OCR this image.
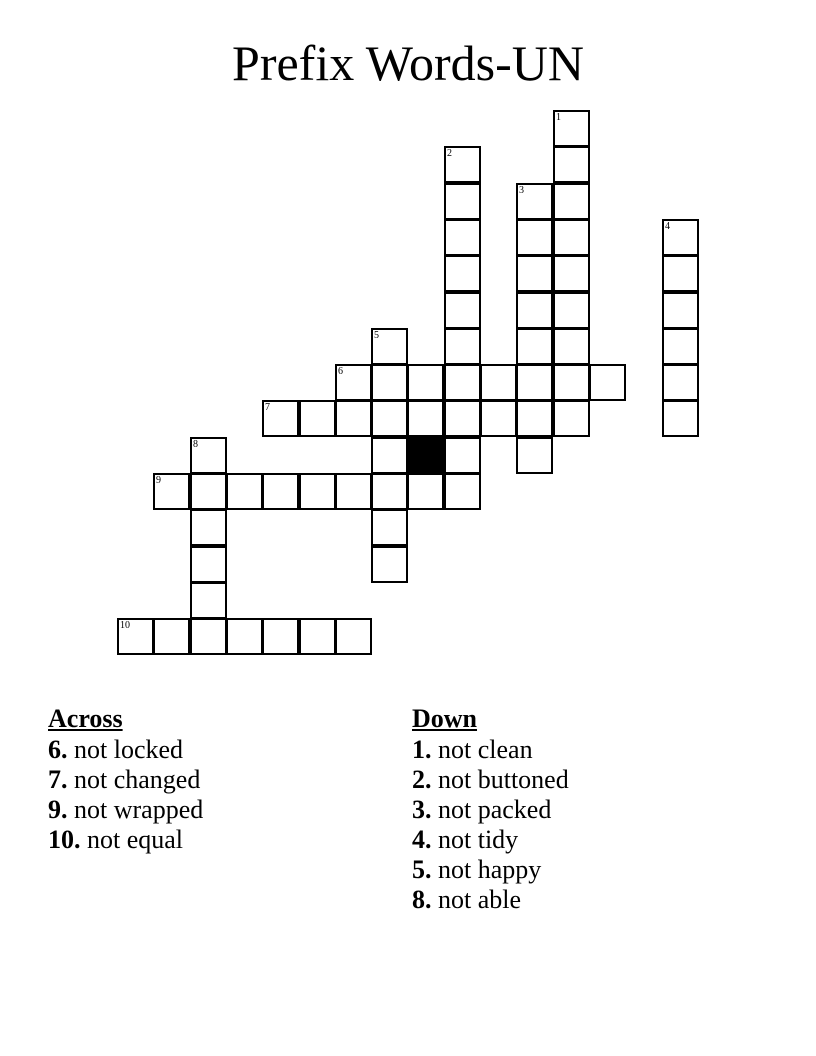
Prefix Words-UN
6
7
9
10
1
2
3
4
5
8
Across

6. not locked

7. not changed

9. not wrapped

10. not equal

Down

1. not clean

2. not buttoned

3. not packed

4. not tidy

5. not happy

8. not able
